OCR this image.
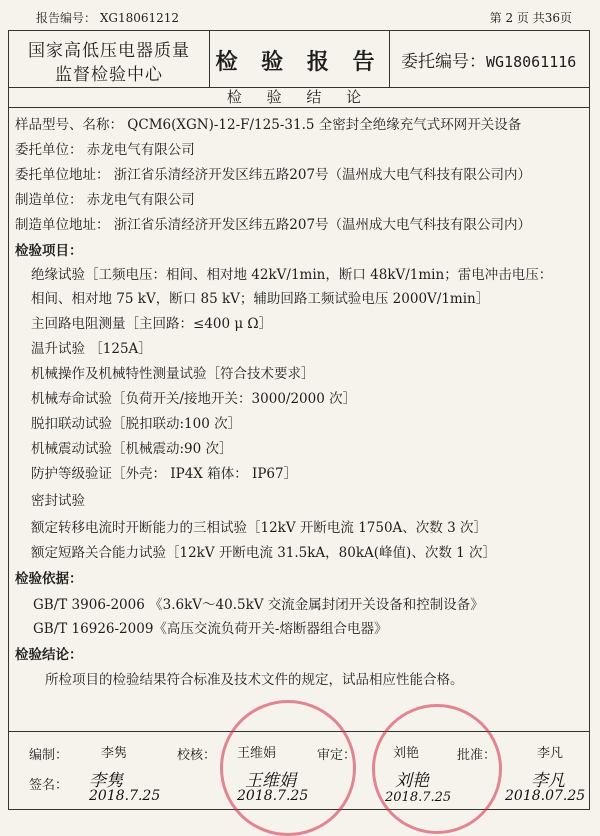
报告编号： XG18061212	第 2 页 共36页
国家高低压电器质量
监督检验中心	检 验 报 告	委托编号：WG18061116
检 验 结 论
样品型号、名称： QCM6(XGN)-12-F/125-31.5 全密封全绝缘充气式环网开关设备
委托单位： 赤龙电气有限公司
委托单位地址： 浙江省乐清经济开发区纬五路207号（温州成大电气科技有限公司内）
制造单位： 赤龙电气有限公司
制造单位地址： 浙江省乐清经济开发区纬五路207号（温州成大电气科技有限公司内）
检验项目：
绝缘试验［工频电压：相间、相对地 42kV/1min，断口 48kV/1min；雷电冲击电压：
相间、相对地 75 kV，断口 85 kV；辅助回路工频试验电压 2000V/1min］
主回路电阻测量［主回路：≤400 μ Ω］
温升试验 ［125A］
机械操作及机械特性测量试验［符合技术要求］
机械寿命试验［负荷开关/接地开关：3000/2000 次］
脱扣联动试验［脱扣联动:100 次］
机械震动试验［机械震动:90 次］
防护等级验证［外壳： IP4X 箱体： IP67］
密封试验
额定转移电流时开断能力的三相试验［12kV 开断电流 1750A、次数 3 次］
额定短路关合能力试验［12kV 开断电流 31.5kA，80kA(峰值)、次数 1 次］
检验依据：
GB/T 3906-2006 《3.6kV～40.5kV 交流金属封闭开关设备和控制设备》
GB/T 16926-2009《高压交流负荷开关-熔断器组合电器》
检验结论：
所检项目的检验结果符合标准及技术文件的规定，试品相应性能合格。
编制：	李隽	校核： 王维娟	审定：	刘艳	批准：	李凡
签名： 李隽	王维娟	刘艳	李凡
2018.7.25	2018.7.25	2018.7.25	2018.07.25
